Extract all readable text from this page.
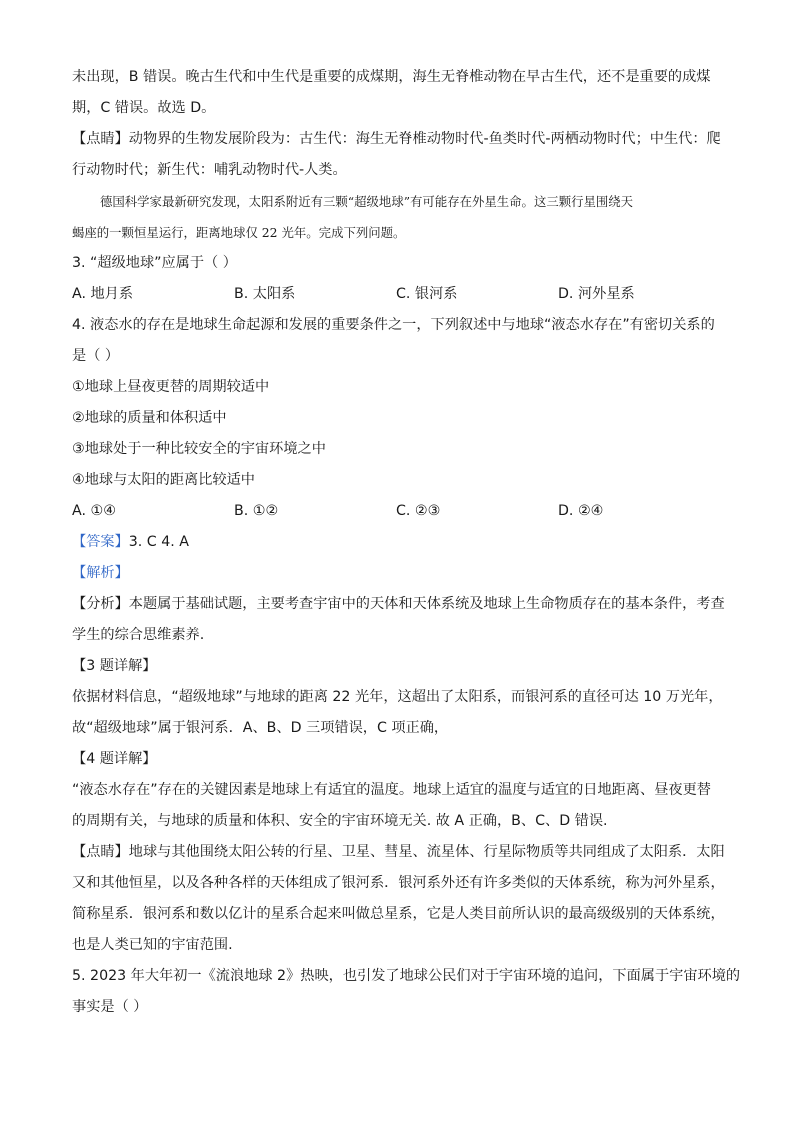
未出现，B 错误。晚古生代和中生代是重要的成煤期，海生无脊椎动物在早古生代，还不是重要的成煤
期，C 错误。故选 D。
【点睛】动物界的生物发展阶段为：古生代：海生无脊椎动物时代-鱼类时代-两栖动物时代；中生代：爬
行动物时代；新生代：哺乳动物时代-人类。
德国科学家最新研究发现，太阳系附近有三颗“超级地球”有可能存在外星生命。这三颗行星围绕天
蝎座的一颗恒星运行，距离地球仅 22 光年。完成下列问题。
3. “超级地球”应属于（ ）
A. 地月系	B. 太阳系	C. 银河系	D. 河外星系
4. 液态水的存在是地球生命起源和发展的重要条件之一，下列叙述中与地球“液态水存在”有密切关系的
是（ ）
①地球上昼夜更替的周期较适中
②地球的质量和体积适中
③地球处于一种比较安全的宇宙环境之中
④地球与太阳的距离比较适中
A. ①④	B. ①②	C. ②③	D. ②④
【答案】3. C 4. A
【解析】
【分析】本题属于基础试题，主要考查宇宙中的天体和天体系统及地球上生命物质存在的基本条件，考查
学生的综合思维素养.
【3 题详解】
依据材料信息，“超级地球”与地球的距离 22 光年，这超出了太阳系，而银河系的直径可达 10 万光年，
故“超级地球”属于银河系．A、B、D 三项错误，C 项正确，
【4 题详解】
“液态水存在”存在的关键因素是地球上有适宜的温度。地球上适宜的温度与适宜的日地距离、昼夜更替
的周期有关，与地球的质量和体积、安全的宇宙环境无关. 故 A 正确，B、C、D 错误.
【点睛】地球与其他围绕太阳公转的行星、卫星、彗星、流星体、行星际物质等共同组成了太阳系．太阳
又和其他恒星，以及各种各样的天体组成了银河系．银河系外还有许多类似的天体系统，称为河外星系，
简称星系．银河系和数以亿计的星系合起来叫做总星系，它是人类目前所认识的最高级级别的天体系统，
也是人类已知的宇宙范围.
5. 2023 年大年初一《流浪地球 2》热映，也引发了地球公民们对于宇宙环境的追问，下面属于宇宙环境的
事实是（ ）
